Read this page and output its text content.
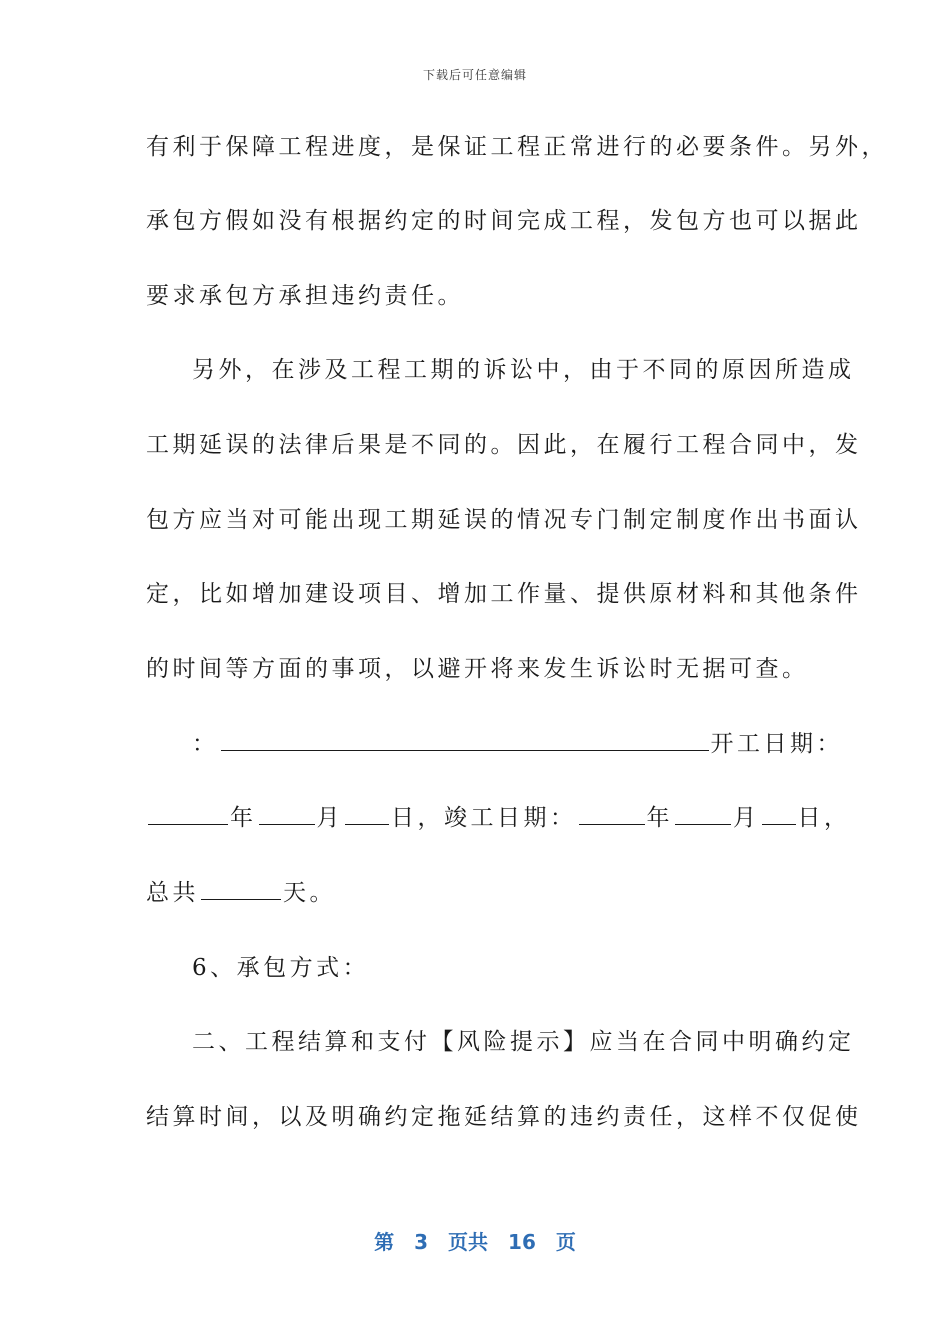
下载后可任意编辑
有利于保障工程进度，是保证工程正常进行的必要条件。另外，
承包方假如没有根据约定的时间完成工程，发包方也可以据此
要求承包方承担违约责任。
另外，在涉及工程工期的诉讼中，由于不同的原因所造成
工期延误的法律后果是不同的。因此，在履行工程合同中，发
包方应当对可能出现工期延误的情况专门制定制度作出书面认
定，比如增加建设项目、增加工作量、提供原材料和其他条件
的时间等方面的事项，以避开将来发生诉讼时无据可查。
：	开工日期：
年	月 日，竣工日期：	年	月 日，
总共	天。
6、承包方式：
二、工程结算和支付【风险提示】应当在合同中明确约定
结算时间，以及明确约定拖延结算的违约责任，这样不仅促使
第 3 页共 16 页
